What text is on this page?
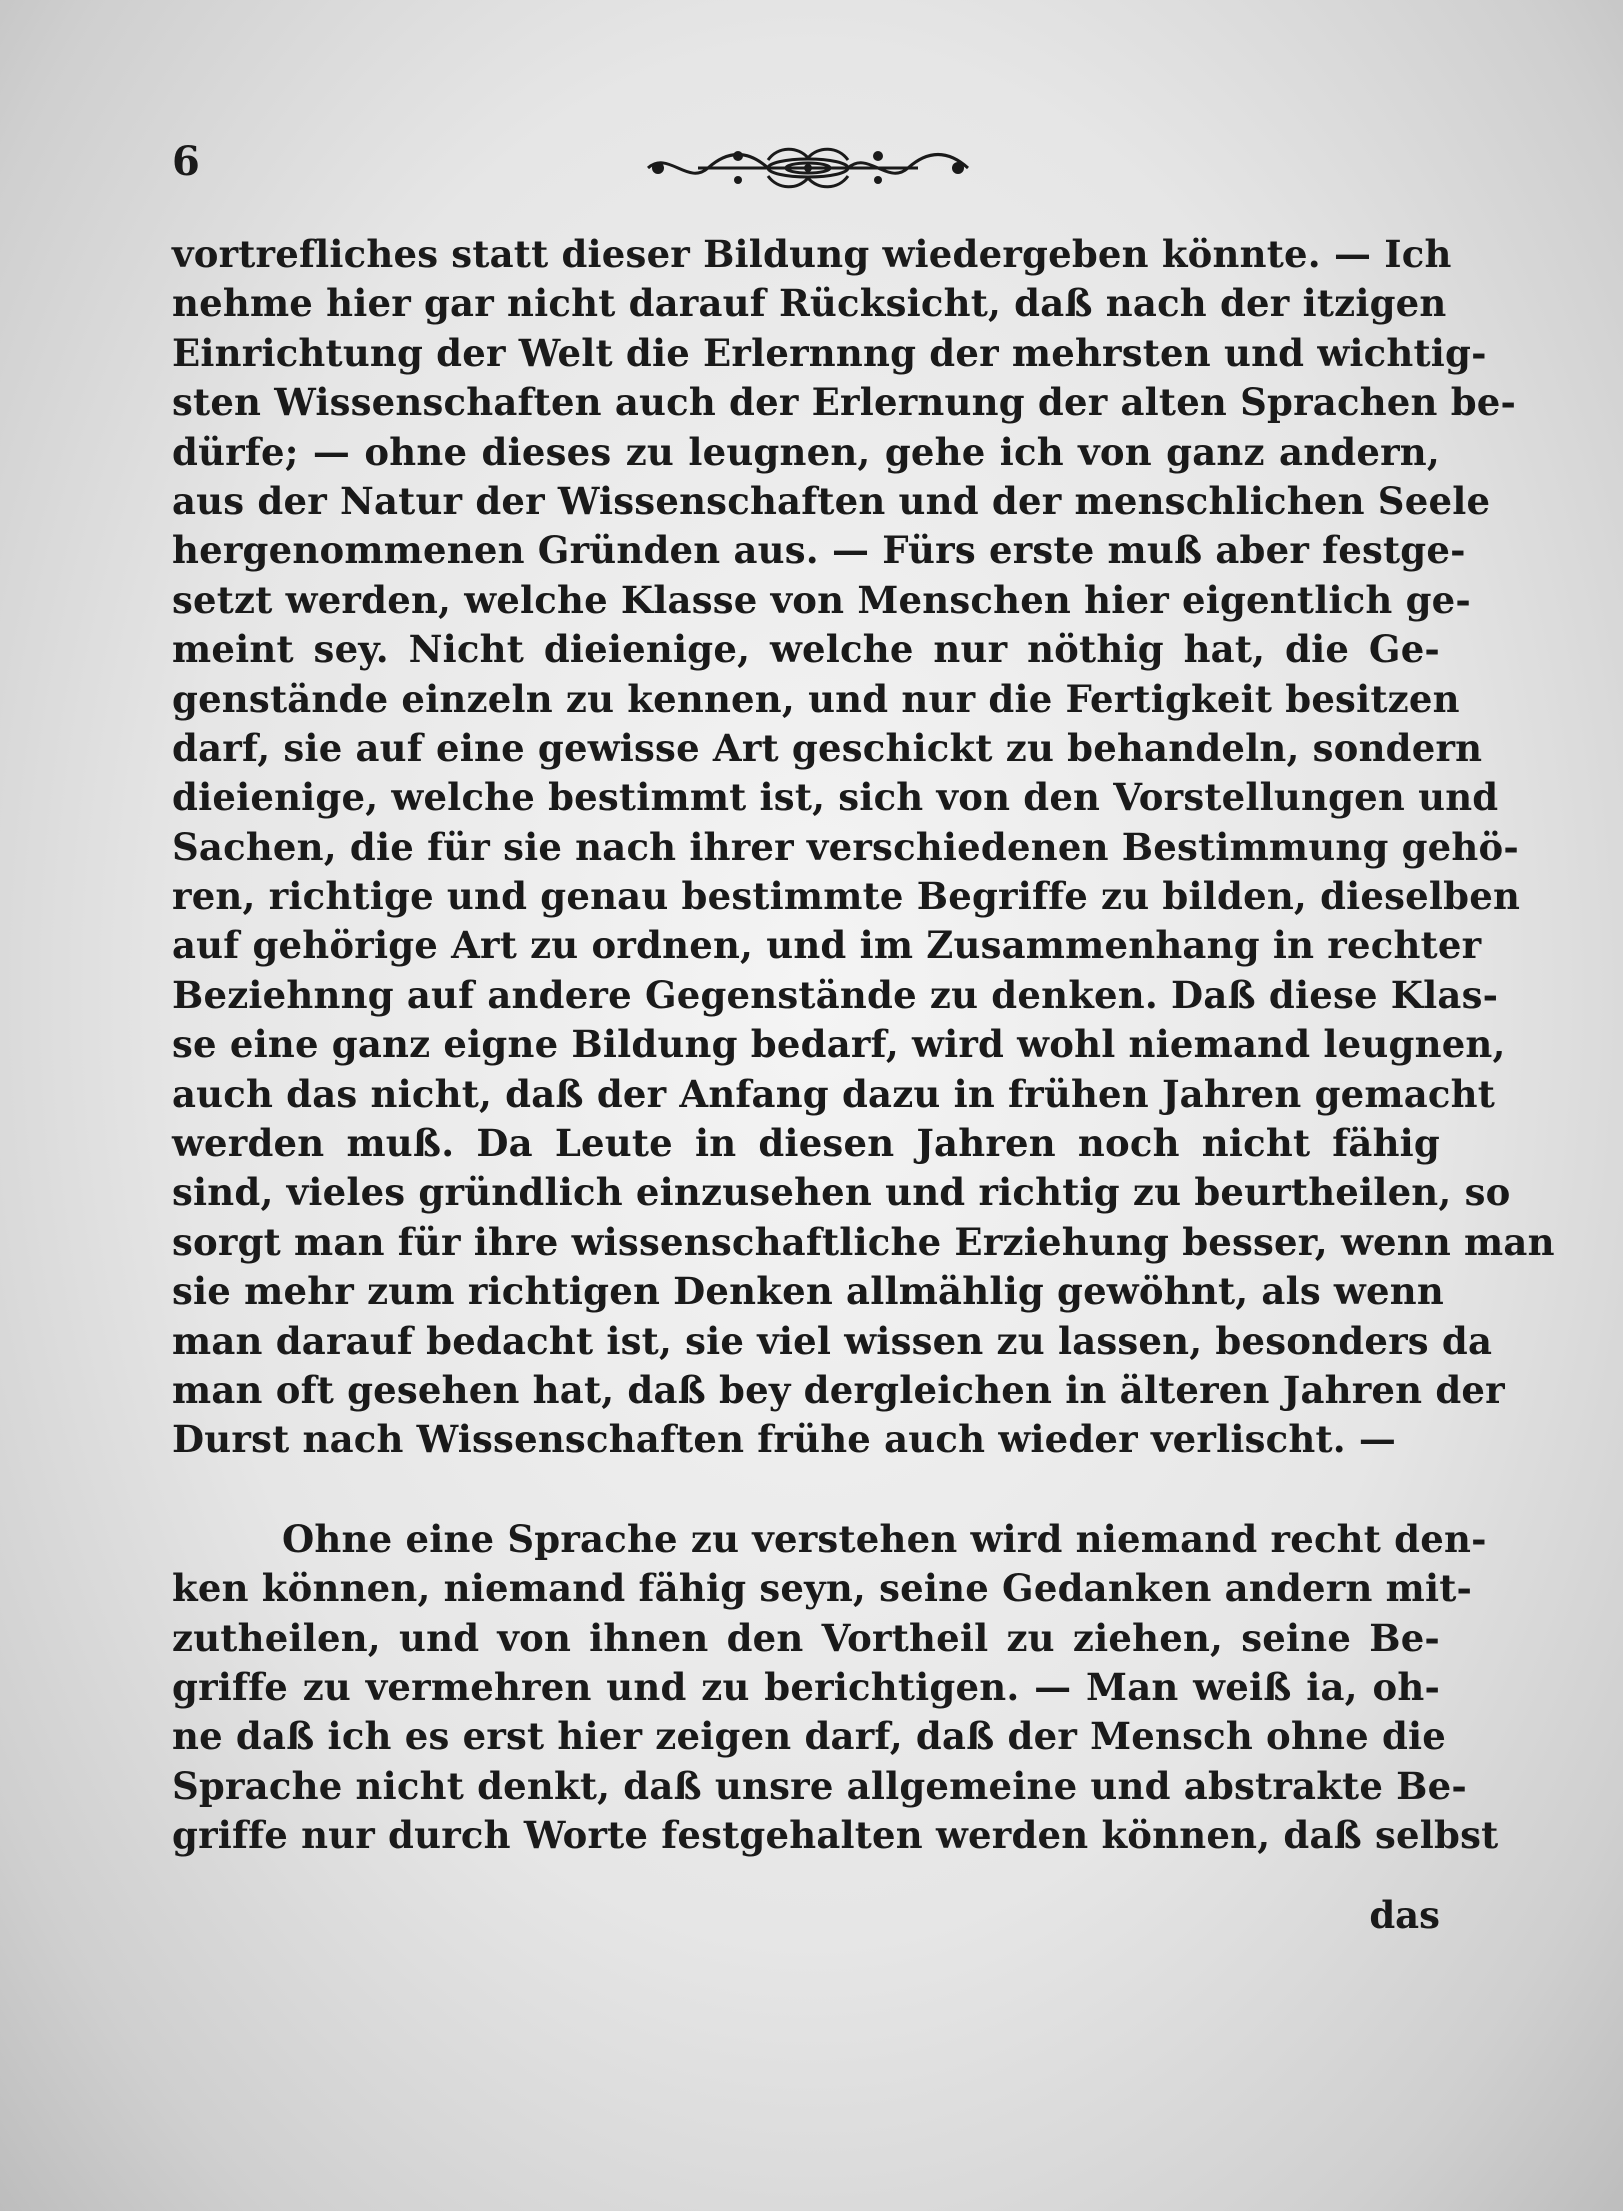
6
vortrefliches statt dieser Bildung wiedergeben könnte. — Ich
nehme hier gar nicht darauf Rücksicht, daß nach der itzigen
Einrichtung der Welt die Erlernnng der mehrsten und wichtig-
sten Wissenschaften auch der Erlernung der alten Sprachen be-
dürfe; — ohne dieses zu leugnen, gehe ich von ganz andern,
aus der Natur der Wissenschaften und der menschlichen Seele
hergenommenen Gründen aus. — Fürs erste muß aber festge-
setzt werden, welche Klasse von Menschen hier eigentlich ge-
meint sey. Nicht dieienige, welche nur nöthig hat, die Ge-
genstände einzeln zu kennen, und nur die Fertigkeit besitzen
darf, sie auf eine gewisse Art geschickt zu behandeln, sondern
dieienige, welche bestimmt ist, sich von den Vorstellungen und
Sachen, die für sie nach ihrer verschiedenen Bestimmung gehö-
ren, richtige und genau bestimmte Begriffe zu bilden, dieselben
auf gehörige Art zu ordnen, und im Zusammenhang in rechter
Beziehnng auf andere Gegenstände zu denken. Daß diese Klas-
se eine ganz eigne Bildung bedarf, wird wohl niemand leugnen,
auch das nicht, daß der Anfang dazu in frühen Jahren gemacht
werden muß. Da Leute in diesen Jahren noch nicht fähig
sind, vieles gründlich einzusehen und richtig zu beurtheilen, so
sorgt man für ihre wissenschaftliche Erziehung besser, wenn man
sie mehr zum richtigen Denken allmählig gewöhnt, als wenn
man darauf bedacht ist, sie viel wissen zu lassen, besonders da
man oft gesehen hat, daß bey dergleichen in älteren Jahren der
Durst nach Wissenschaften frühe auch wieder verlischt. —
Ohne eine Sprache zu verstehen wird niemand recht den-
ken können, niemand fähig seyn, seine Gedanken andern mit-
zutheilen, und von ihnen den Vortheil zu ziehen, seine Be-
griffe zu vermehren und zu berichtigen. — Man weiß ia, oh-
ne daß ich es erst hier zeigen darf, daß der Mensch ohne die
Sprache nicht denkt, daß unsre allgemeine und abstrakte Be-
griffe nur durch Worte festgehalten werden können, daß selbst
das
